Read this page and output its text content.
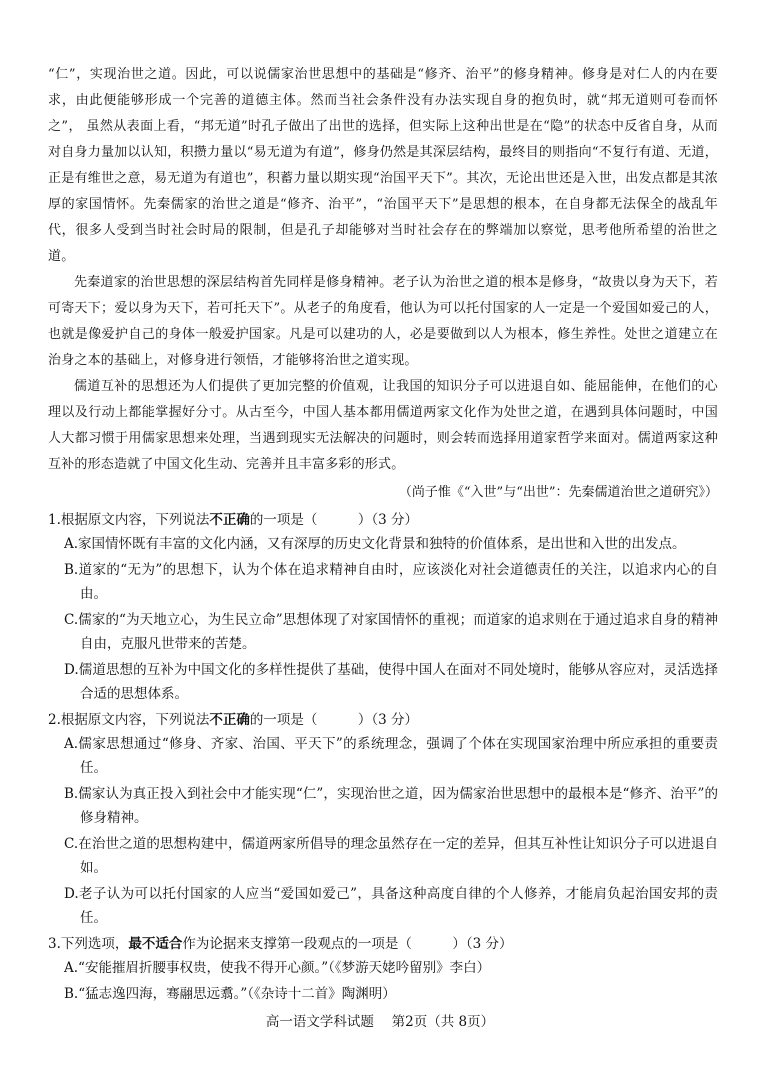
“仁”，实现治世之道。因此，可以说儒家治世思想中的基础是“修齐、治平”的修身精神。修身是对仁人的内在要求，由此便能够形成一个完善的道德主体。然而当社会条件没有办法实现自身的抱负时，就“邦无道则可卷而怀之”， 虽然从表面上看，“邦无道”时孔子做出了出世的选择，但实际上这种出世是在“隐”的状态中反省自身，从而对自身力量加以认知，积攒力量以“易无道为有道”，修身仍然是其深层结构，最终目的则指向“不复行有道、无道，正是有维世之意，易无道为有道也”，积蓄力量以期实现“治国平天下”。其次，无论出世还是入世，出发点都是其浓厚的家国情怀。先秦儒家的治世之道是“修齐、治平”，“治国平天下”是思想的根本，在自身都无法保全的战乱年代，很多人受到当时社会时局的限制，但是孔子却能够对当时社会存在的弊端加以察觉，思考他所希望的治世之道。

先秦道家的治世思想的深层结构首先同样是修身精神。老子认为治世之道的根本是修身，“故贵以身为天下，若可寄天下；爱以身为天下，若可托天下”。从老子的角度看，他认为可以托付国家的人一定是一个爱国如爱己的人，也就是像爱护自己的身体一般爱护国家。凡是可以建功的人，必是要做到以人为根本，修生养性。处世之道建立在治身之本的基础上，对修身进行领悟，才能够将治世之道实现。

儒道互补的思想还为人们提供了更加完整的价值观，让我国的知识分子可以进退自如、能屈能伸，在他们的心理以及行动上都能掌握好分寸。从古至今，中国人基本都用儒道两家文化作为处世之道，在遇到具体问题时，中国人大都习惯于用儒家思想来处理，当遇到现实无法解决的问题时，则会转而选择用道家哲学来面对。儒道两家这种互补的形态造就了中国文化生动、完善并且丰富多彩的形式。

（尚子惟《“入世”与“出世”：先秦儒道治世之道研究》）

1.根据原文内容，下列说法不正确的一项是（　　　）（3 分）

A.家国情怀既有丰富的文化内涵，又有深厚的历史文化背景和独特的价值体系，是出世和入世的出发点。

B.道家的“无为”的思想下，认为个体在追求精神自由时，应该淡化对社会道德责任的关注，以追求内心的自由。

C.儒家的“为天地立心，为生民立命”思想体现了对家国情怀的重视；而道家的追求则在于通过追求自身的精神自由，克服凡世带来的苦楚。

D.儒道思想的互补为中国文化的多样性提供了基础，使得中国人在面对不同处境时，能够从容应对，灵活选择合适的思想体系。

2.根据原文内容，下列说法不正确的一项是（　　　）（3 分）

A.儒家思想通过“修身、齐家、治国、平天下”的系统理念，强调了个体在实现国家治理中所应承担的重要责任。

B.儒家认为真正投入到社会中才能实现“仁”，实现治世之道，因为儒家治世思想中的最根本是“修齐、治平”的修身精神。

C.在治世之道的思想构建中，儒道两家所倡导的理念虽然存在一定的差异，但其互补性让知识分子可以进退自如。

D.老子认为可以托付国家的人应当“爱国如爱己”，具备这种高度自律的个人修养，才能肩负起治国安邦的责任。

3.下列选项，最不适合作为论据来支撑第一段观点的一项是（　　　）（3 分）

A.“安能摧眉折腰事权贵，使我不得开心颜。”（《梦游天姥吟留别》李白）

B.“猛志逸四海，骞翮思远翥。”（《杂诗十二首》陶渊明）

高一语文学科试题　 第2页（共 8页）
